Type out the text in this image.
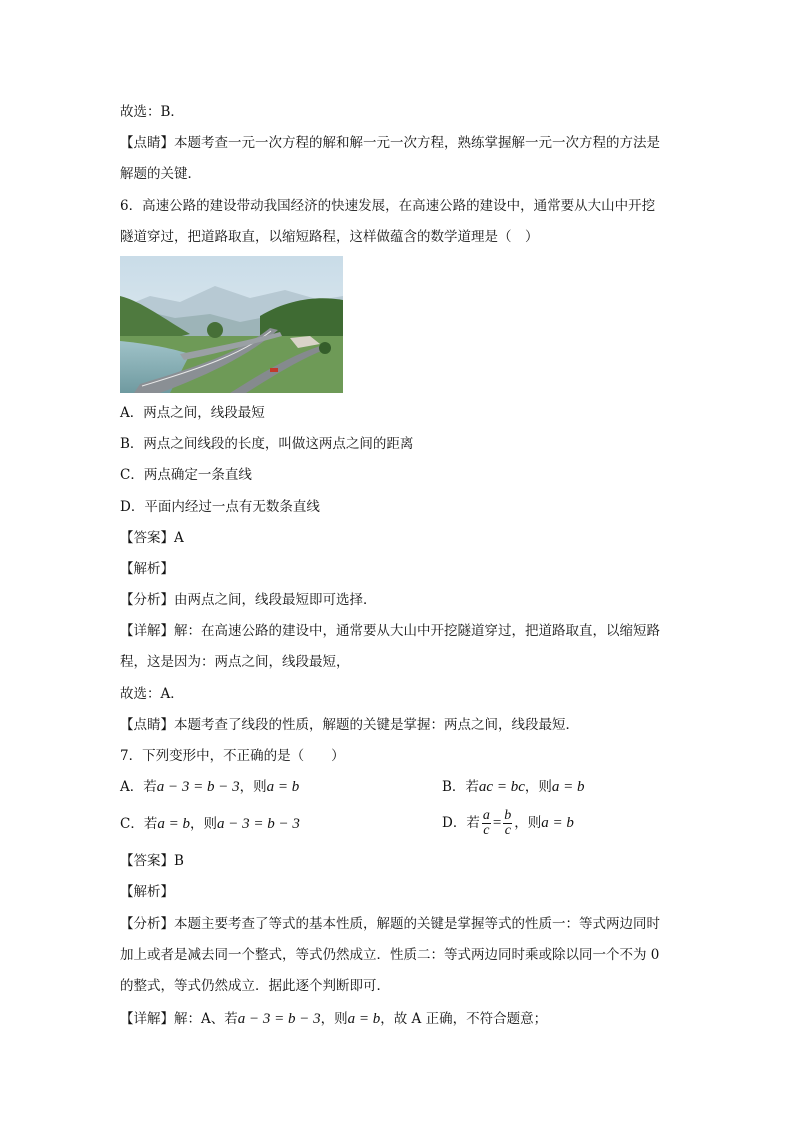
故选：B．
【点睛】本题考查一元一次方程的解和解一元一次方程，熟练掌握解一元一次方程的方法是
解题的关键．
6．高速公路的建设带动我国经济的快速发展，在高速公路的建设中，通常要从大山中开挖
隧道穿过，把道路取直，以缩短路程，这样做蕴含的数学道理是（　）
A．两点之间，线段最短
B．两点之间线段的长度，叫做这两点之间的距离
C．两点确定一条直线
D．平面内经过一点有无数条直线
【答案】A
【解析】
【分析】由两点之间，线段最短即可选择．
【详解】解：在高速公路的建设中，通常要从大山中开挖隧道穿过，把道路取直，以缩短路
程，这是因为：两点之间，线段最短，
故选：A．
【点睛】本题考查了线段的性质，解题的关键是掌握：两点之间，线段最短．
7．下列变形中，不正确的是（　　）
A．若a − 3 = b − 3，则a = b	B．若ac = bc，则a = b
C．若a = b，则a − 3 = b − 3	D．若 $\frac{a}{c} = \frac{b}{c}$ ，则a = b
【答案】B
【解析】
【分析】本题主要考查了等式的基本性质，解题的关键是掌握等式的性质一：等式两边同时
加上或者是减去同一个整式，等式仍然成立．性质二：等式两边同时乘或除以同一个不为 0
的整式，等式仍然成立．据此逐个判断即可．
【详解】解：A、若a − 3 = b − 3，则a = b，故 A 正确，不符合题意；
